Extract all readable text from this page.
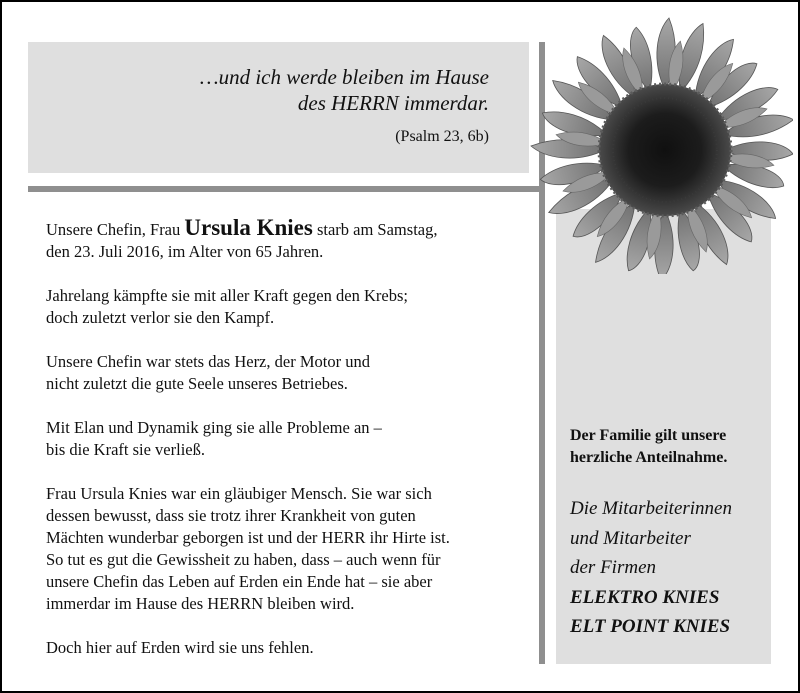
…und ich werde bleiben im Hause
des HERRN immerdar.
(Psalm 23, 6b)

Unsere Chefin, Frau Ursula Knies starb am Samstag,
den 23. Juli 2016, im Alter von 65 Jahren.

Jahrelang kämpfte sie mit aller Kraft gegen den Krebs;
doch zuletzt verlor sie den Kampf.

Unsere Chefin war stets das Herz, der Motor und
nicht zuletzt die gute Seele unseres Betriebes.

Mit Elan und Dynamik ging sie alle Probleme an –
bis die Kraft sie verließ.

Frau Ursula Knies war ein gläubiger Mensch. Sie war sich
dessen bewusst, dass sie trotz ihrer Krankheit von guten
Mächten wunderbar geborgen ist und der HERR ihr Hirte ist.
So tut es gut die Gewissheit zu haben, dass – auch wenn für
unsere Chefin das Leben auf Erden ein Ende hat – sie aber
immerdar im Hause des HERRN bleiben wird.

Doch hier auf Erden wird sie uns fehlen.

Der Familie gilt unsere
herzliche Anteilnahme.
Die Mitarbeiterinnen
und Mitarbeiter
der Firmen
ELEKTRO KNIES
ELT POINT KNIES
